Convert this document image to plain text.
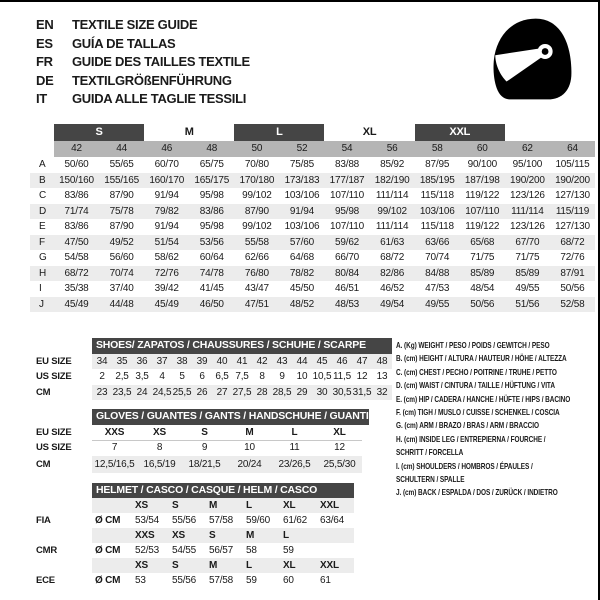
EN	TEXTILE SIZE GUIDE
ES	GUÍA DE TALLAS
FR	GUIDE DES TAILLES TEXTILE
DE	TEXTILGRÖßENFÜHRUNG
IT	GUIDA ALLE TAGLIE TESSILI
S	M	L	XL	XXL
42	44	46	48	50	52	54	56	58	60	62	64
A	50/60	55/65	60/70	65/75	70/80	75/85	83/88	85/92	87/95	90/100	95/100	105/115
B	150/160	155/165	160/170	165/175	170/180	173/183	177/187	182/190	185/195	187/198	190/200	190/200
C	83/86	87/90	91/94	95/98	99/102	103/106	107/110	111/114	115/118	119/122	123/126	127/130
D	71/74	75/78	79/82	83/86	87/90	91/94	95/98	99/102	103/106	107/110	111/114	115/119
E	83/86	87/90	91/94	95/98	99/102	103/106	107/110	111/114	115/118	119/122	123/126	127/130
F	47/50	49/52	51/54	53/56	55/58	57/60	59/62	61/63	63/66	65/68	67/70	68/72
G	54/58	56/60	58/62	60/64	62/66	64/68	66/70	68/72	70/74	71/75	71/75	72/76
H	68/72	70/74	72/76	74/78	76/80	78/82	80/84	82/86	84/88	85/89	85/89	87/91
I	35/38	37/40	39/42	41/45	43/47	45/50	46/51	46/52	47/53	48/54	49/55	50/56
J	45/49	44/48	45/49	46/50	47/51	48/52	48/53	49/54	49/55	50/56	51/56	52/58
SHOES/ ZAPATOS / CHAUSSURES / SCHUHE / SCARPE
EU SIZE	34 35 36 37 38 39 40 41 42 43 44 45 46 47 48
US SIZE	2	2,5 3,5	4	5	6	6,5 7,5	8	9	10 10,5 11,5 12 13
CM	23 23,5 24 24,5 25,5 26 27 27,5 28 28,5 29 30 30,5 31,5 32
GLOVES / GUANTES / GANTS / HANDSCHUHE / GUANTI
EU SIZE	XXS	XS	S	M	L	XL
US SIZE	7	8	9	10	11	12
CM	12,5/16,5 16,5/19	18/21,5	20/24	23/26,5	25,5/30
HELMET / CASCO / CASQUE / HELM / CASCO
XS	S	M	L	XL	XXL
FIA	Ø CM	53/54	55/56	57/58	59/60	61/62	63/64
XXS	XS	S	M	L
CMR	Ø CM	52/53	54/55	56/57	58	59
XS	S	M	L	XL	XXL
ECE	Ø CM	53	55/56	57/58	59	60	61
A. (Kg) WEIGHT / PESO / POIDS / GEWITCH / PESO
B. (cm) HEIGHT / ALTURA / HAUTEUR / HÖHE / ALTEZZA
C. (cm) CHEST / PECHO / POITRINE / TRUHE / PETTO
D. (cm) WAIST / CINTURA / TAILLE / HÜFTUNG / VITA
E. (cm) HIP / CADERA / HANCHE / HÜFTE / HIPS / BACINO
F. (cm) TIGH / MUSLO / CUISSE / SCHENKEL / COSCIA
G. (cm) ARM / BRAZO / BRAS / ARM / BRACCIO
H. (cm) INSIDE LEG / ENTREPIERNA / FOURCHE /
SCHRITT / FORCELLA
I. (cm) SHOULDERS / HOMBROS / ÉPAULES /
SCHULTERN / SPALLE
J. (cm) BACK / ESPALDA / DOS / ZURÜCK / INDIETRO
